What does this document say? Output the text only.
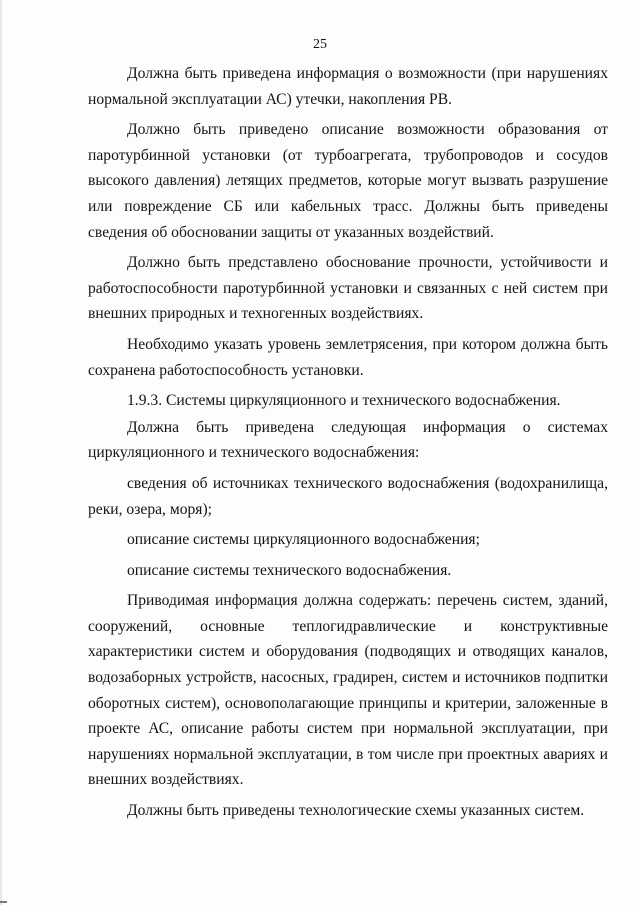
25

Должна быть приведена информация о возможности (при нарушениях нормальной эксплуатации АС) утечки, накопления РВ.

Должно быть приведено описание возможности образования от паротурбинной установки (от турбоагрегата, трубопроводов и сосудов высокого давления) летящих предметов, которые могут вызвать разрушение или повреждение СБ или кабельных трасс. Должны быть приведены сведения об обосновании защиты от указанных воздействий.

Должно быть представлено обоснование прочности, устойчивости и работоспособности паротурбинной установки и связанных с ней систем при внешних природных и техногенных воздействиях.

Необходимо указать уровень землетрясения, при котором должна быть сохранена работоспособность установки.

1.9.3. Системы циркуляционного и технического водоснабжения.

Должна быть приведена следующая информация о системах циркуляционного и технического водоснабжения:

сведения об источниках технического водоснабжения (водохранилища, реки, озера, моря);

описание системы циркуляционного водоснабжения;

описание системы технического водоснабжения.

Приводимая информация должна содержать: перечень систем, зданий, сооружений, основные теплогидравлические и конструктивные характеристики систем и оборудования (подводящих и отводящих каналов, водозаборных устройств, насосных, градирен, систем и источников подпитки оборотных систем), основополагающие принципы и критерии, заложенные в проекте АС, описание работы систем при нормальной эксплуатации, при нарушениях нормальной эксплуатации, в том числе при проектных авариях и внешних воздействиях.

Должны быть приведены технологические схемы указанных систем.
